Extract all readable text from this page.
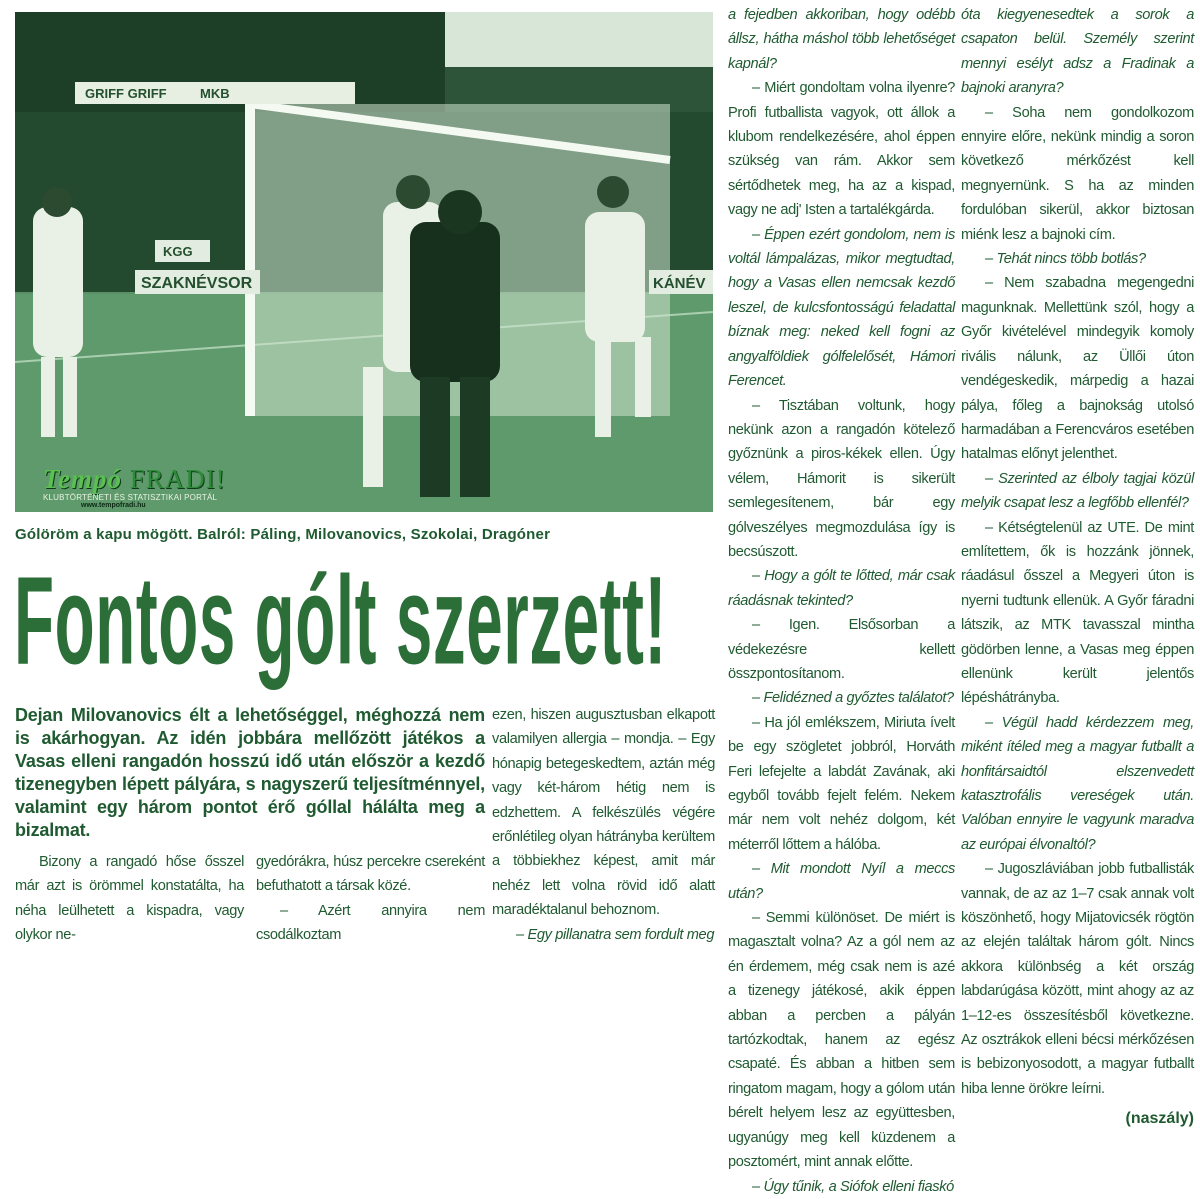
GRIFF GRIFF	MKB
SZAKNÉVSOR	KÁNÉV
KGG
Tempó FRADI!
KLUBTÖRTÉNETI ÉS STATISZTIKAI PORTÁL
www.tempofradi.hu
Gólöröm a kapu mögött. Balról: Páling, Milovanovics, Szokolai, Dragóner
Fontos gólt szerzett!
Dejan Milovanovics élt a lehetőséggel, méghozzá nem is akárhogyan. Az idén jobbára mellőzött játékos a Vasas elleni rangadón hosszú idő után először a kezdő tizenegyben lépett pályára, s nagyszerű teljesítménnyel, valamint egy három pontot érő góllal hálálta meg a bizalmat.

Bizony a rangadó hőse ősszel már azt is örömmel konstatálta, ha néha leülhetett a kispadra, vagy olykor ne-

gyedórákra, húsz percekre csereként befuthatott a társak közé.

– Azért annyira nem csodálkoztam

ezen, hiszen augusztusban elkapott valamilyen allergia – mondja. – Egy hónapig betegeskedtem, aztán még vagy két-három hétig nem is edzhettem. A felkészülés végére erőnlétileg olyan hátrányba kerültem a többiekhez képest, amit már nehéz lett volna rövid idő alatt maradéktalanul behoznom.

– Egy pillanatra sem fordult meg

a fejedben akkoriban, hogy odébb állsz, hátha máshol több lehetőséget kapnál?

– Miért gondoltam volna ilyenre? Profi futballista vagyok, ott állok a klubom rendelkezésére, ahol éppen szükség van rám. Akkor sem sértődhetek meg, ha az a kispad, vagy ne adj' Isten a tartalékgárda.

– Éppen ezért gondolom, nem is voltál lámpalázas, mikor megtudtad, hogy a Vasas ellen nemcsak kezdő leszel, de kulcsfontosságú feladattal bíznak meg: neked kell fogni az angyalföldiek gólfelelősét, Hámori Ferencet.

– Tisztában voltunk, hogy nekünk azon a rangadón kötelező győznünk a piros-kékek ellen. Úgy vélem, Hámorit is sikerült semlegesítenem, bár egy gólveszélyes megmozdulása így is becsúszott.

– Hogy a gólt te lőtted, már csak ráadásnak tekinted?

– Igen. Elsősorban a védekezésre kellett összpontosítanom.

– Felidézned a győztes találatot?

– Ha jól emlékszem, Miriuta ívelt be egy szögletet jobbról, Horváth Feri lefejelte a labdát Zavának, aki egyből tovább fejelt felém. Nekem már nem volt nehéz dolgom, két méterről lőttem a hálóba.

– Mit mondott Nyíl a meccs után?

– Semmi különöset. De miért is magasztalt volna? Az a gól nem az én érdemem, még csak nem is azé a tizenegy játékosé, akik éppen abban a percben a pályán tartózkodtak, hanem az egész csapaté. És abban a hitben sem ringatom magam, hogy a gólom után bérelt helyem lesz az együttesben, ugyanúgy meg kell küzdenem a posztomért, mint annak előtte.

– Úgy tűnik, a Siófok elleni fiaskó

óta kiegyenesedtek a sorok a csapaton belül. Személy szerint mennyi esélyt adsz a Fradinak a bajnoki aranyra?

– Soha nem gondolkozom ennyire előre, nekünk mindig a soron következő mérkőzést kell megnyernünk. S ha az minden fordulóban sikerül, akkor biztosan miénk lesz a bajnoki cím.

– Tehát nincs több botlás?

– Nem szabadna megengedni magunknak. Mellettünk szól, hogy a Győr kivételével mindegyik komoly rivális nálunk, az Üllői úton vendégeskedik, márpedig a hazai pálya, főleg a bajnokság utolsó harmadában a Ferencváros esetében hatalmas előnyt jelenthet.

– Szerinted az élboly tagjai közül melyik csapat lesz a legfőbb ellenfél?

– Kétségtelenül az UTE. De mint említettem, ők is hozzánk jönnek, ráadásul ősszel a Megyeri úton is nyerni tudtunk ellenük. A Győr fáradni látszik, az MTK tavasszal mintha gödörben lenne, a Vasas meg éppen ellenünk került jelentős lépéshátrányba.

– Végül hadd kérdezzem meg, miként ítéled meg a magyar futballt a honfitársaidtól elszenvedett katasztrofális vereségek után. Valóban ennyire le vagyunk maradva az európai élvonaltól?

– Jugoszláviában jobb futballisták vannak, de az az 1–7 csak annak volt köszönhető, hogy Mijatovicsék rögtön az elején találtak három gólt. Nincs akkora különbség a két ország labdarúgása között, mint ahogy az az 1–12-es összesítésből következne. Az osztrákok elleni bécsi mérkőzésen is bebizonyosodott, a magyar futballt hiba lenne örökre leírni.

(naszály)
